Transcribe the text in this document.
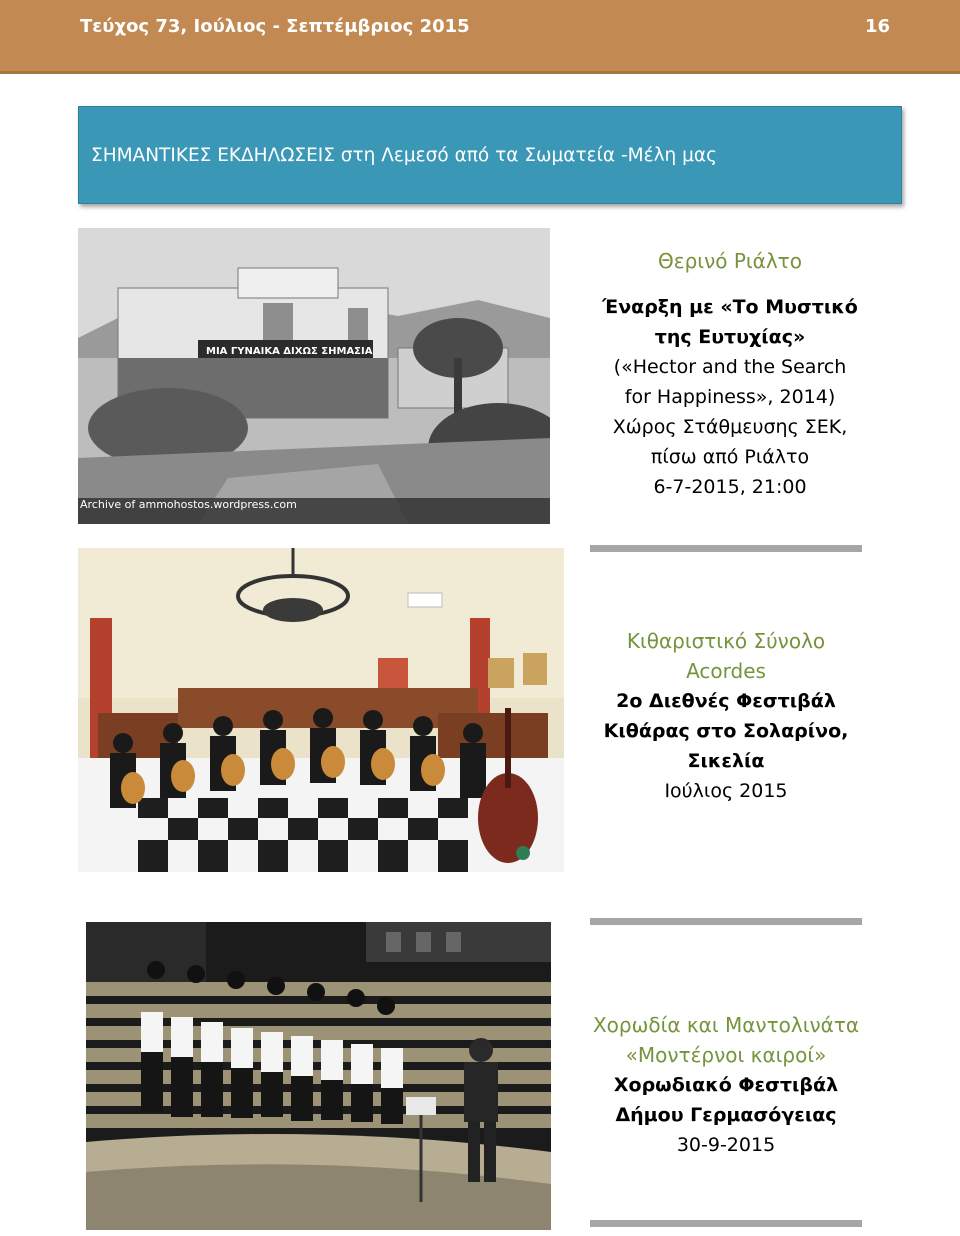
Τεύχος 73, Ιούλιος - Σεπτέμβριος 2015	16
ΣΗΜΑΝΤΙΚΕΣ ΕΚΔΗΛΩΣΕΙΣ στη Λεμεσό από τα Σωματεία -Μέλη μας
ΜΙΑ ΓΥΝΑΙΚΑ ΔΙΧΩΣ ΣΗΜΑΣΙΑ
Archive of ammohostos.wordpress.com
Θερινό Ριάλτο
Έναρξη με «Το Μυστικό
της Ευτυχίας»
(«Hector and the Search
for Happiness», 2014)
Χώρος Στάθμευσης ΣΕΚ,
πίσω από Ριάλτο
6-7-2015, 21:00
Κιθαριστικό Σύνολο
Acordes
2ο Διεθνές Φεστιβάλ
Κιθάρας στο Σολαρίνο,
Σικελία
Ιούλιος 2015
Χορωδία και Μαντολινάτα
«Μοντέρνοι καιροί»
Χορωδιακό Φεστιβάλ
Δήμου Γερμασόγειας
30-9-2015
